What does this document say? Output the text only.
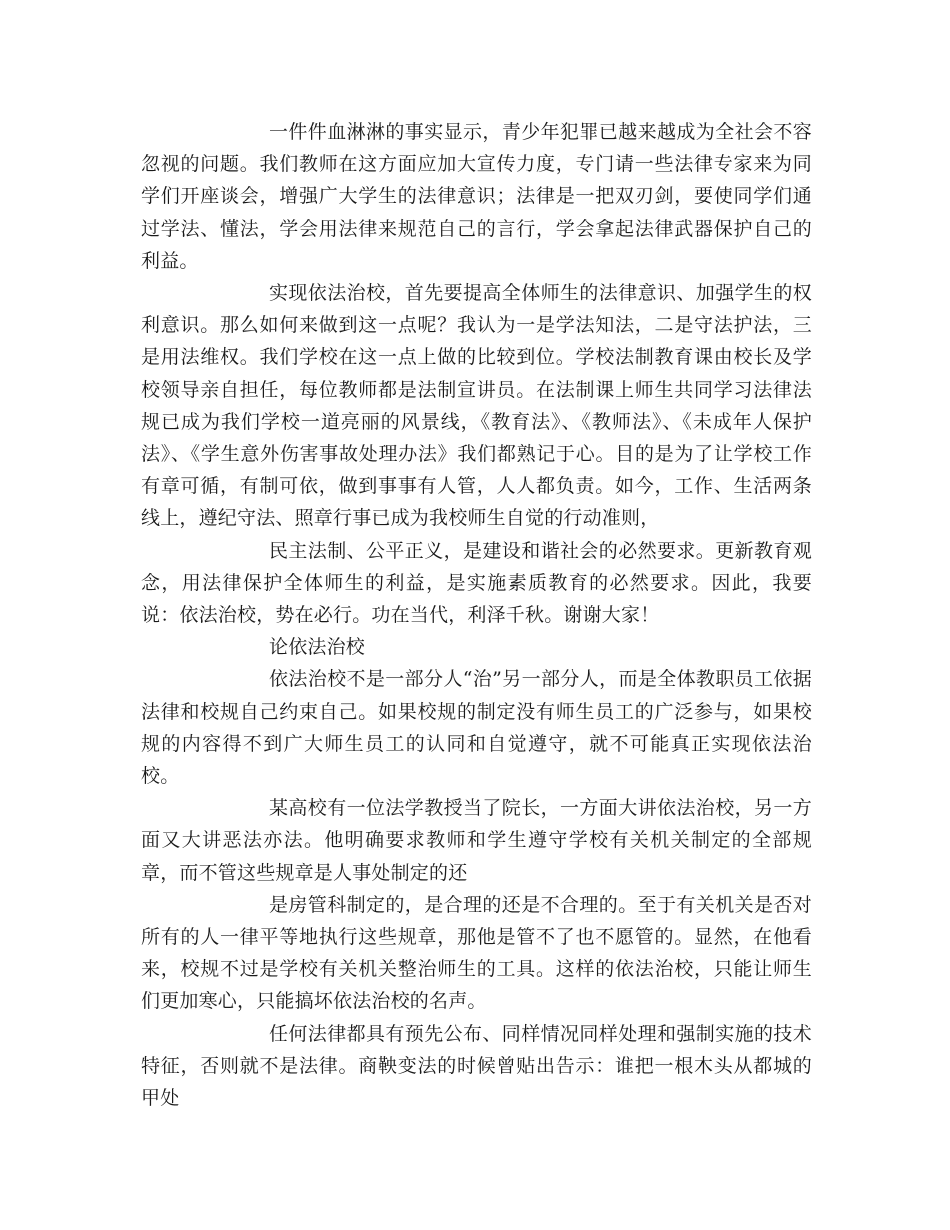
一件件血淋淋的事实显示，青少年犯罪已越来越成为全社会不容忽视的问题。我们教师在这方面应加大宣传力度，专门请一些法律专家来为同学们开座谈会，增强广大学生的法律意识；法律是一把双刃剑，要使同学们通过学法、懂法，学会用法律来规范自己的言行，学会拿起法律武器保护自己的利益。

实现依法治校，首先要提高全体师生的法律意识、加强学生的权利意识。那么如何来做到这一点呢？我认为一是学法知法，二是守法护法，三是用法维权。我们学校在这一点上做的比较到位。学校法制教育课由校长及学校领导亲自担任，每位教师都是法制宣讲员。在法制课上师生共同学习法律法规已成为我们学校一道亮丽的风景线，《教育法》、《教师法》、《未成年人保护法》、《学生意外伤害事故处理办法》我们都熟记于心。目的是为了让学校工作有章可循，有制可依，做到事事有人管，人人都负责。如今，工作、生活两条线上，遵纪守法、照章行事已成为我校师生自觉的行动准则，

民主法制、公平正义，是建设和谐社会的必然要求。更新教育观念，用法律保护全体师生的利益，是实施素质教育的必然要求。因此，我要说：依法治校，势在必行。功在当代，利泽千秋。谢谢大家！

论依法治校

依法治校不是一部分人“治”另一部分人，而是全体教职员工依据法律和校规自己约束自己。如果校规的制定没有师生员工的广泛参与，如果校规的内容得不到广大师生员工的认同和自觉遵守，就不可能真正实现依法治校。

某高校有一位法学教授当了院长，一方面大讲依法治校，另一方面又大讲恶法亦法。他明确要求教师和学生遵守学校有关机关制定的全部规章，而不管这些规章是人事处制定的还

是房管科制定的，是合理的还是不合理的。至于有关机关是否对所有的人一律平等地执行这些规章，那他是管不了也不愿管的。显然，在他看来，校规不过是学校有关机关整治师生的工具。这样的依法治校，只能让师生们更加寒心，只能搞坏依法治校的名声。

任何法律都具有预先公布、同样情况同样处理和强制实施的技术特征，否则就不是法律。商鞅变法的时候曾贴出告示：谁把一根木头从都城的甲处
